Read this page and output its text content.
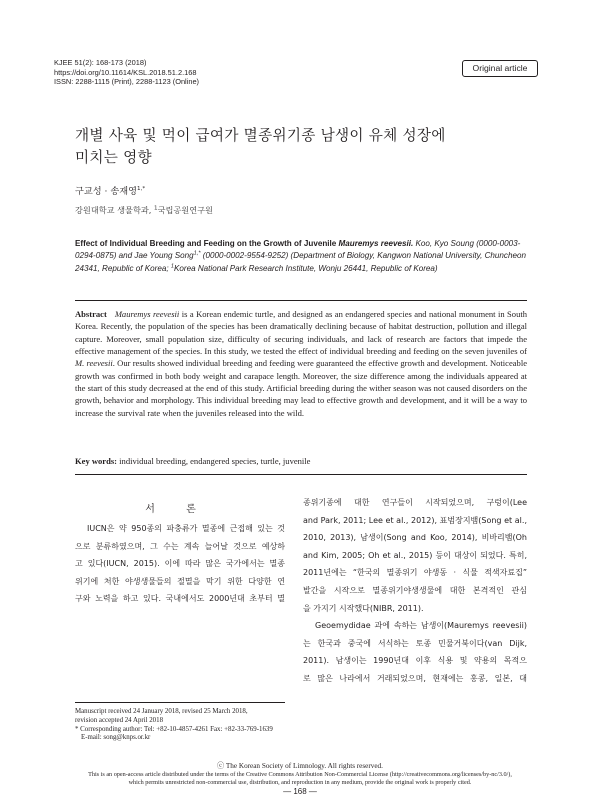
KJEE 51(2): 168-173 (2018)
https://doi.org/10.11614/KSL.2018.51.2.168
ISSN: 2288-1115 (Print), 2288-1123 (Online)
Original article
개별 사육 및 먹이 급여가 멸종위기종 남생이 유체 성장에
미치는 영향
구교성 · 송재영$^{1,*}$
강원대학교 생물학과, $^1$국립공원연구원
Effect of Individual Breeding and Feeding on the Growth of Juvenile Mauremys reevesii. Koo, Kyo Soung (0000-0003-0294-0875) and Jae Young Song$^{1,*}$ (0000-0002-9554-9252) (Department of Biology, Kangwon National University, Chuncheon 24341, Republic of Korea; $^1$Korea National Park Research Institute, Wonju 26441, Republic of Korea)
Abstract Mauremys reevesii is a Korean endemic turtle, and designed as an endangered species and national monument in South Korea. Recently, the population of the species has been dramatically declining because of habitat destruction, pollution and illegal capture. Moreover, small population size, difficulty of securing individuals, and lack of research are factors that impede the effective management of the species. In this study, we tested the effect of individual breeding and feeding on the seven juveniles of M. reevesii. Our results showed individual breeding and feeding were guaranteed the effective growth and development. Noticeable growth was confirmed in both body weight and carapace length. Moreover, the size difference among the individuals appeared at the start of this study decreased at the end of this study. Artificial breeding during the wither season was not caused disorders on the growth, behavior and morphology. This individual breeding may lead to effective growth and development, and it will be a way to increase the survival rate when the juveniles released into the wild.
Key words: individual breeding, endangered species, turtle, juvenile
서 론
IUCN은 약 950종의 파충류가 멸종에 근접해 있는 것
으로 분류하였으며, 그 수는 계속 늘어날 것으로 예상하
고 있다(IUCN, 2015). 이에 따라 많은 국가에서는 멸종
위기에 처한 야생생물들의 절멸을 막기 위한 다양한 연
구와 노력을 하고 있다. 국내에서도 2000년대 초부터 멸
Manuscript received 24 January 2018, revised 25 March 2018,
revision accepted 24 April 2018
* Corresponding author: Tel: +82-10-4857-4261 Fax: +82-33-769-1639
E-mail: song@knps.or.kr
종위기종에 대한 연구들이 시작되었으며, 구렁이(Lee
and Park, 2011; Lee et al., 2012), 표범장지뱀(Song et al.,
2010, 2013), 남생이(Song and Koo, 2014), 비바리뱀(Oh
and Kim, 2005; Oh et al., 2015) 등이 대상이 되었다. 특히,
2011년에는 “한국의 멸종위기 야생동 · 식물 적색자료집”
발간을 시작으로 멸종위기야생생물에 대한 본격적인 관심
을 가지기 시작했다(NIBR, 2011).
Geoemydidae 과에 속하는 남생이(Mauremys reevesii)
는 한국과 중국에 서식하는 토종 민물거북이다(van Dijk,
2011). 남생이는 1990년대 이후 식용 및 약용의 목적으
로 많은 나라에서 거래되었으며, 현재에는 홍콩, 일본, 대
ⓒ The Korean Society of Limnology. All rights reserved.
This is an open-access article distributed under the terms of the Creative Commons Attribution Non-Commercial License (http://creativecommons.org/licenses/by-nc/3.0/),
which permits unrestricted non-commercial use, distribution, and reproduction in any medium, provide the original work is properly cited.
— 168 —
